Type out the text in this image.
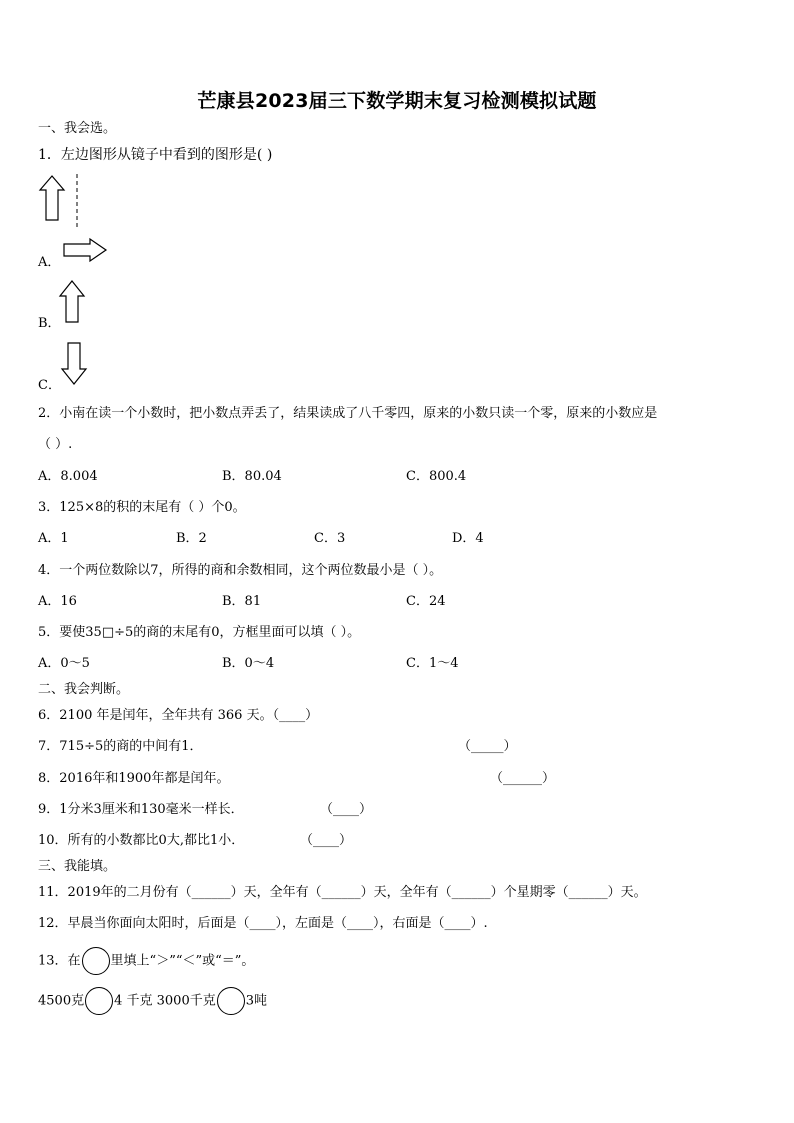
芒康县2023届三下数学期末复习检测模拟试题
一、我会选。
1．左边图形从镜子中看到的图形是( )
A．
B．
C．
2．小南在读一个小数时，把小数点弄丢了，结果读成了八千零四，原来的小数只读一个零，原来的小数应是
（ ）.
A．8.004	B．80.04	C．800.4
3．125×8的积的末尾有（ ）个0。
A．1	B．2	C．3	D．4
4．一个两位数除以7，所得的商和余数相同，这个两位数最小是（ ）。
A．16	B．81	C．24
5．要使35□÷5的商的末尾有0，方框里面可以填（ ）。
A．0～5	B．0～4	C．1～4
二、我会判断。
6．2100 年是闰年，全年共有 366 天。（____）
7．715÷5的商的中间有1．	（_____）
8．2016年和1900年都是闰年。	（______）
9．1分米3厘米和130毫米一样长．	（____）
10．所有的小数都比0大,都比1小．	（____）
三、我能填。
11．2019年的二月份有（______）天，全年有（______）天，全年有（______）个星期零（______）天。
12．早晨当你面向太阳时，后面是（____），左面是（____），右面是（____）.
13．在 里填上“＞”“＜”或“＝”。
4500克 4 千克 3000千克 3吨
